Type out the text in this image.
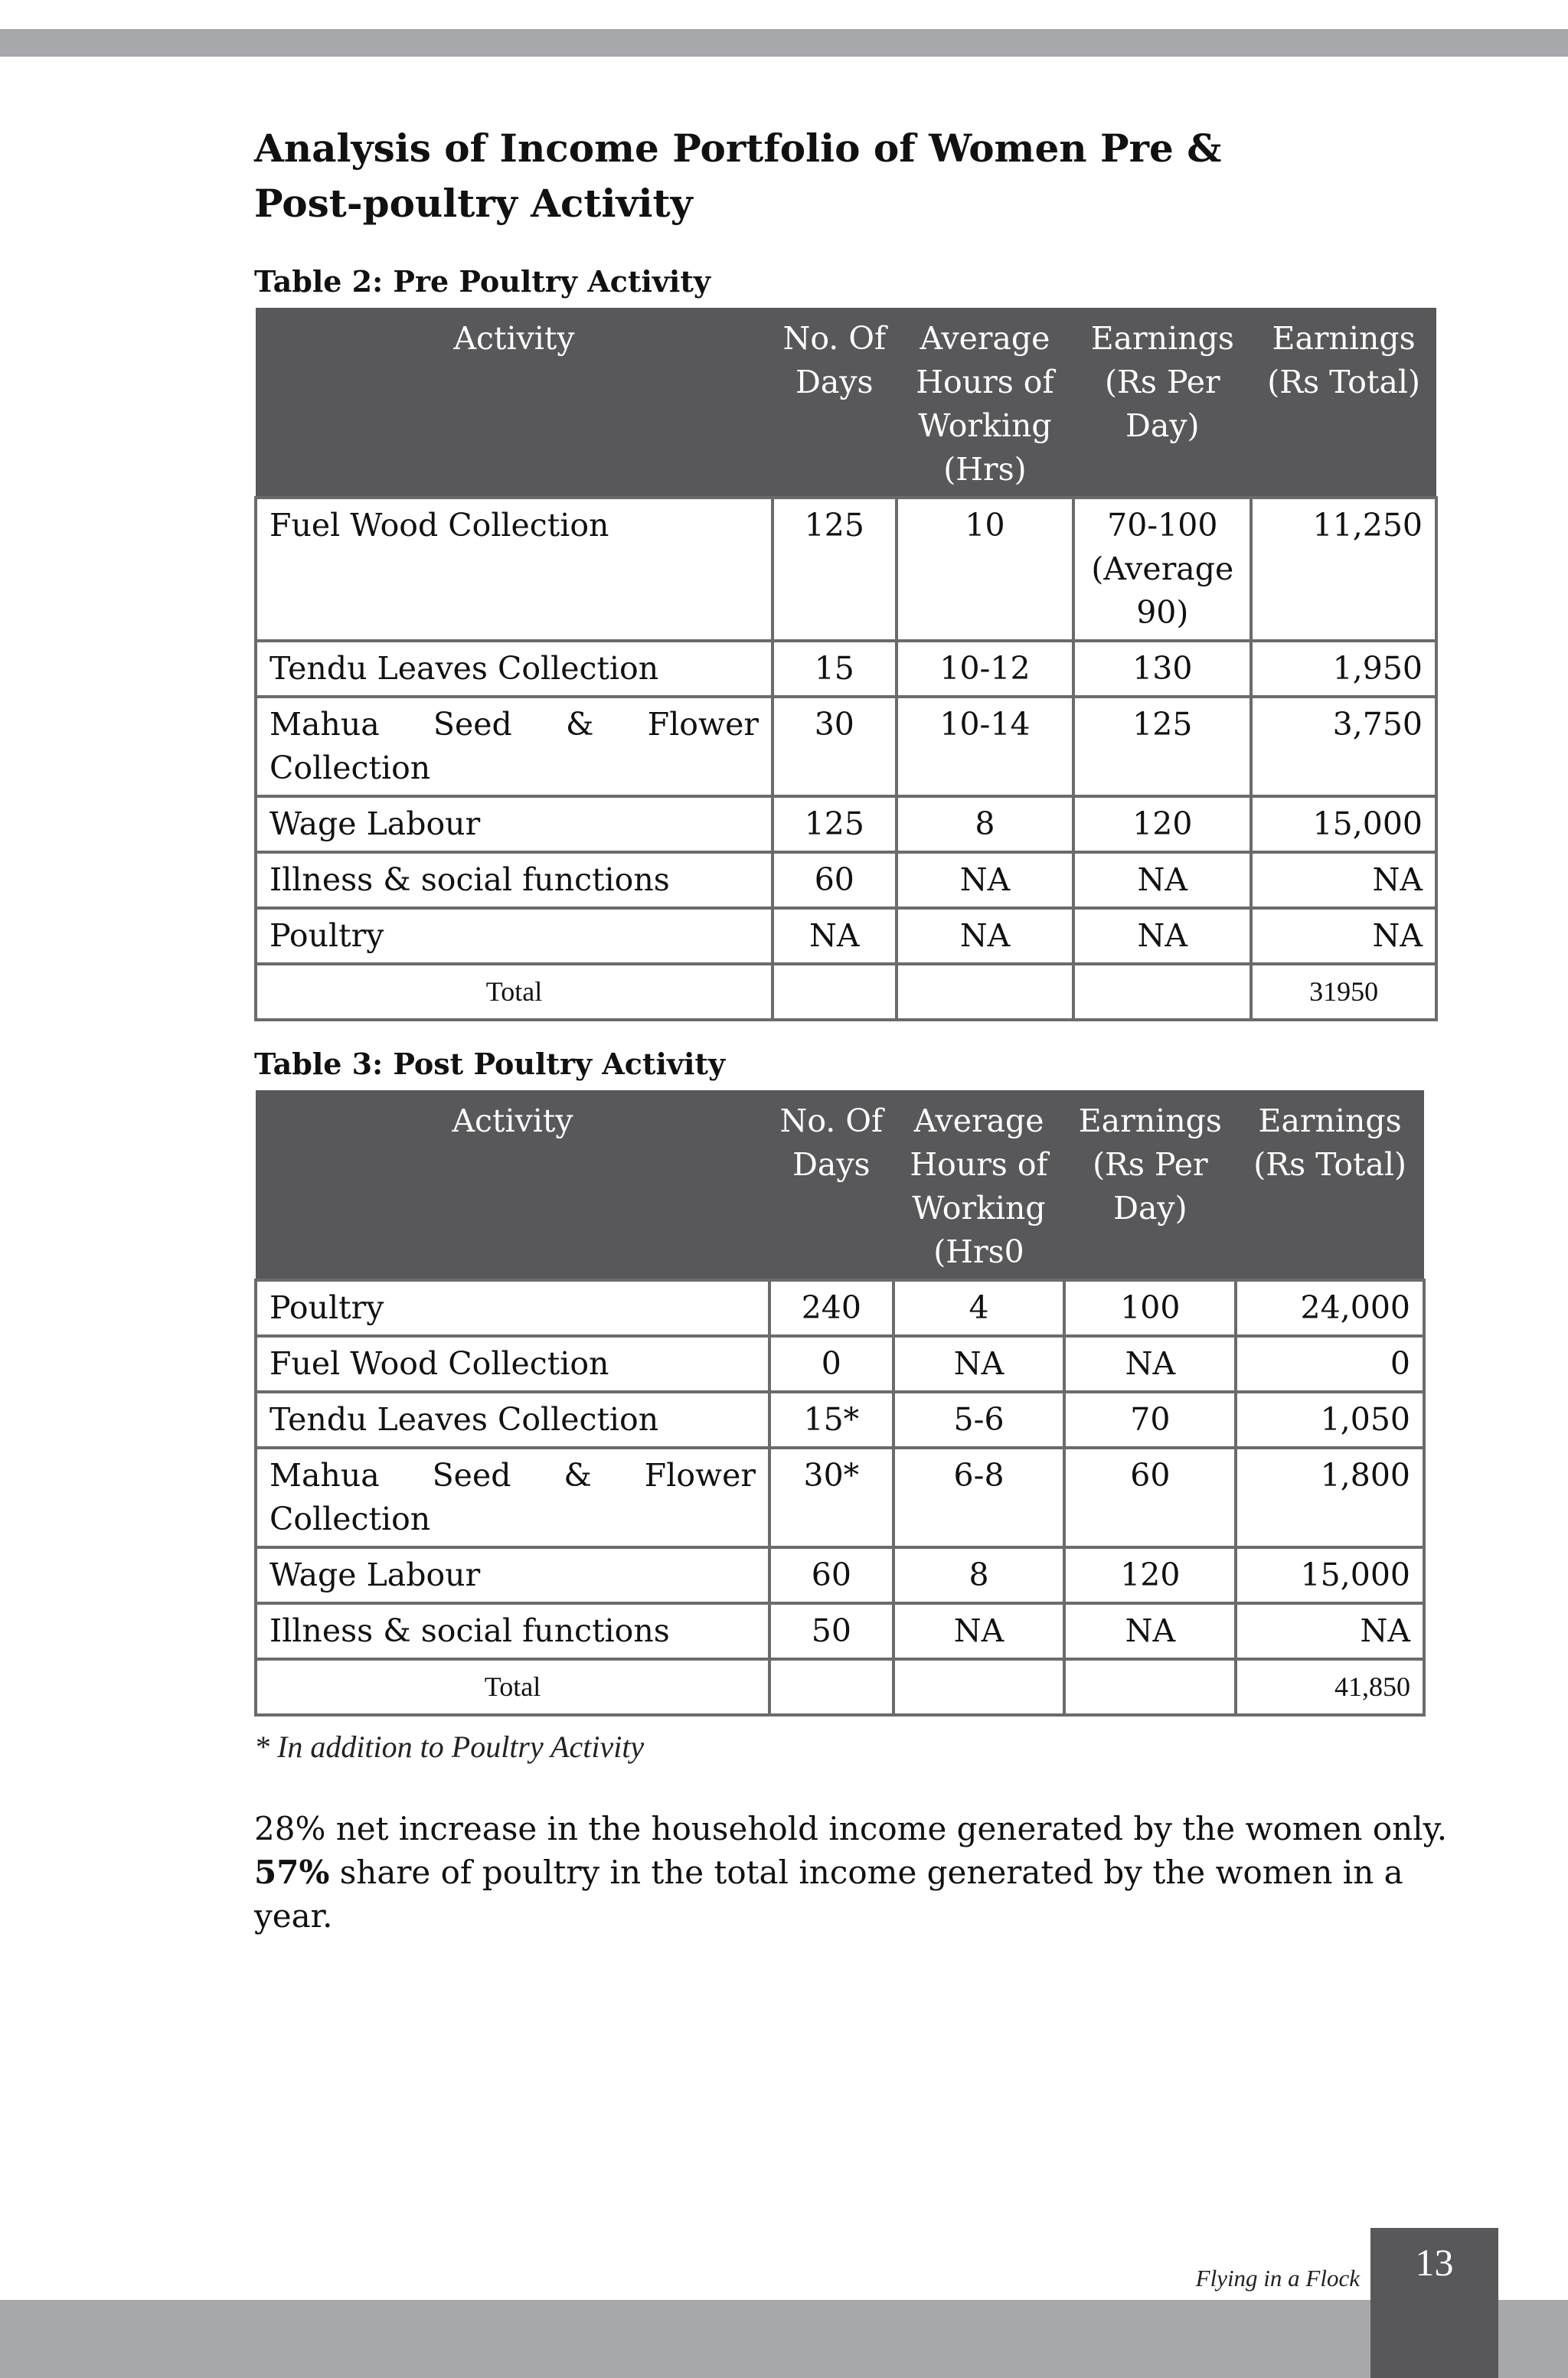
Analysis of Income Portfolio of Women Pre & Post-poultry Activity

Table 2: Pre Poultry Activity

Activity	No. Of Days	Average Hours of Working (Hrs)	Earnings (Rs Per Day)	Earnings (Rs Total)
Fuel Wood Collection	125	10	70-100 (Average 90)	11,250
Tendu Leaves Collection	15	10-12	130	1,950
Mahua Seed & Flower Collection	30	10-14	125	3,750
Wage Labour	125	8	120	15,000
Illness & social functions	60	NA	NA	NA
Poultry	NA	NA	NA	NA
Total				31950

Table 3: Post Poultry Activity

Activity	No. Of Days	Average Hours of Working (Hrs0	Earnings (Rs Per Day)	Earnings (Rs Total)
Poultry	240	4	100	24,000
Fuel Wood Collection	0	NA	NA	0
Tendu Leaves Collection	15*	5-6	70	1,050
Mahua Seed & Flower Collection	30*	6-8	60	1,800
Wage Labour	60	8	120	15,000
Illness & social functions	50	NA	NA	NA
Total				41,850
* In addition to Poultry Activity
28% net increase in the household income generated by the women only.
57% share of poultry in the total income generated by the women in a year.
Flying in a Flock	13
